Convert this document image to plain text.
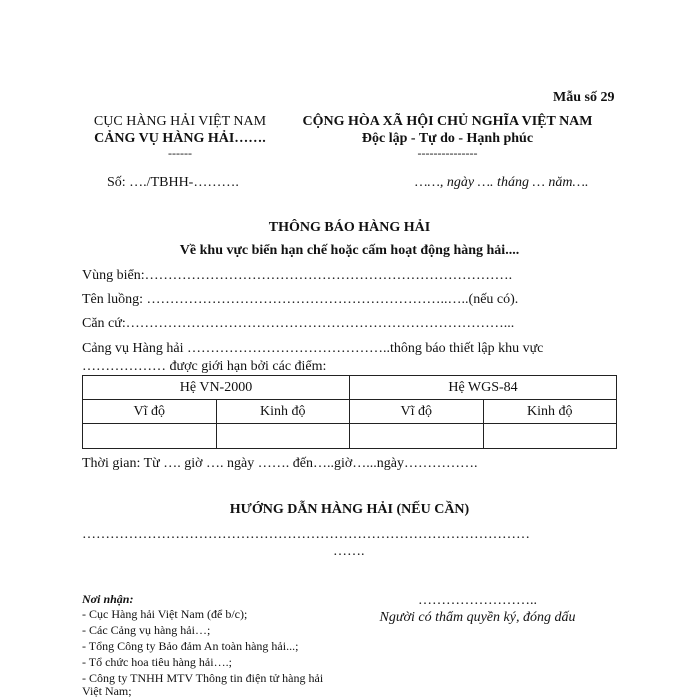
Mẫu số 29
CỤC HÀNG HẢI VIỆT NAM
CẢNG VỤ HÀNG HẢI…….
------
CỘNG HÒA XÃ HỘI CHỦ NGHĨA VIỆT NAM
Độc lập - Tự do - Hạnh phúc
---------------
Số: …./TBHH-……….	……, ngày …. tháng … năm….
THÔNG BÁO HÀNG HẢI
Về khu vực biển hạn chế hoặc cấm hoạt động hàng hải....
Vùng biển:…………………………………………………………………….
Tên luồng: ………………………………………………………..…..(nếu có).
Căn cứ:………………………………………………………………………...
Cảng vụ Hàng hải ……………………………………..thông báo thiết lập khu vực
……………… được giới hạn bởi các điểm:
Hệ VN-2000		Hệ WGS-84	
Vĩ độ	Kinh độ	Vĩ độ	Kinh độ

Thời gian: Từ …. giờ …. ngày ……. đến…..giờ…...ngày…………….
HƯỚNG DẪN HÀNG HẢI (NẾU CẦN)
……………………………………………………………………………………
…….
Nơi nhận:
- Cục Hàng hải Việt Nam (để b/c);
- Các Cảng vụ hàng hải…;
- Tổng Công ty Bảo đảm An toàn hàng hải...;
- Tổ chức hoa tiêu hàng hải….;
- Công ty TNHH MTV Thông tin điện tử hàng hải
Việt Nam;
……………………..
Người có thẩm quyền ký, đóng dấu
